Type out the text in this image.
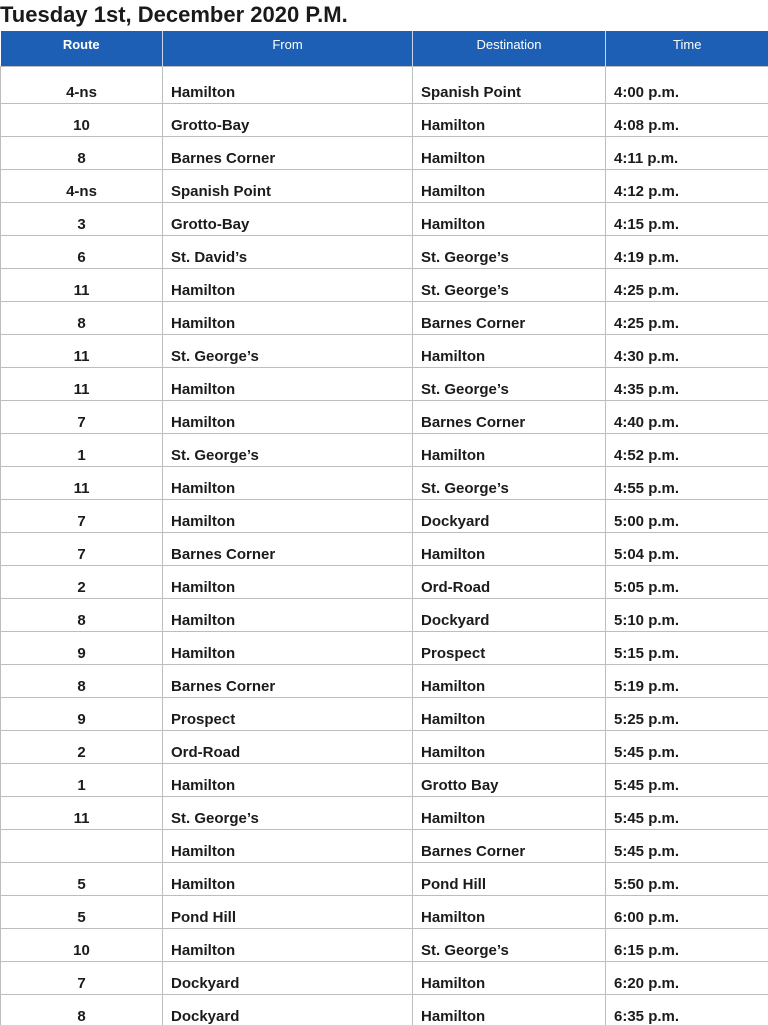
Tuesday 1st, December 2020 P.M.
Route	From	Destination	Time
4-ns	Hamilton	Spanish Point	4:00 p.m.
10	Grotto-Bay	Hamilton	4:08 p.m.
8	Barnes Corner	Hamilton	4:11 p.m.
4-ns	Spanish Point	Hamilton	4:12 p.m.
3	Grotto-Bay	Hamilton	4:15 p.m.
6	St. David’s	St. George’s	4:19 p.m.
11	Hamilton	St. George’s	4:25 p.m.
8	Hamilton	Barnes Corner	4:25 p.m.
11	St. George’s	Hamilton	4:30 p.m.
11	Hamilton	St. George’s	4:35 p.m.
7	Hamilton	Barnes Corner	4:40 p.m.
1	St. George’s	Hamilton	4:52 p.m.
11	Hamilton	St. George’s	4:55 p.m.
7	Hamilton	Dockyard	5:00 p.m.
7	Barnes Corner	Hamilton	5:04 p.m.
2	Hamilton	Ord-Road	5:05 p.m.
8	Hamilton	Dockyard	5:10 p.m.
9	Hamilton	Prospect	5:15 p.m.
8	Barnes Corner	Hamilton	5:19 p.m.
9	Prospect	Hamilton	5:25 p.m.
2	Ord-Road	Hamilton	5:45 p.m.
1	Hamilton	Grotto Bay	5:45 p.m.
11	St. George’s	Hamilton	5:45 p.m.
	Hamilton	Barnes Corner	5:45 p.m.
5	Hamilton	Pond Hill	5:50 p.m.
5	Pond Hill	Hamilton	6:00 p.m.
10	Hamilton	St. George’s	6:15 p.m.
7	Dockyard	Hamilton	6:20 p.m.
8	Dockyard	Hamilton	6:35 p.m.
